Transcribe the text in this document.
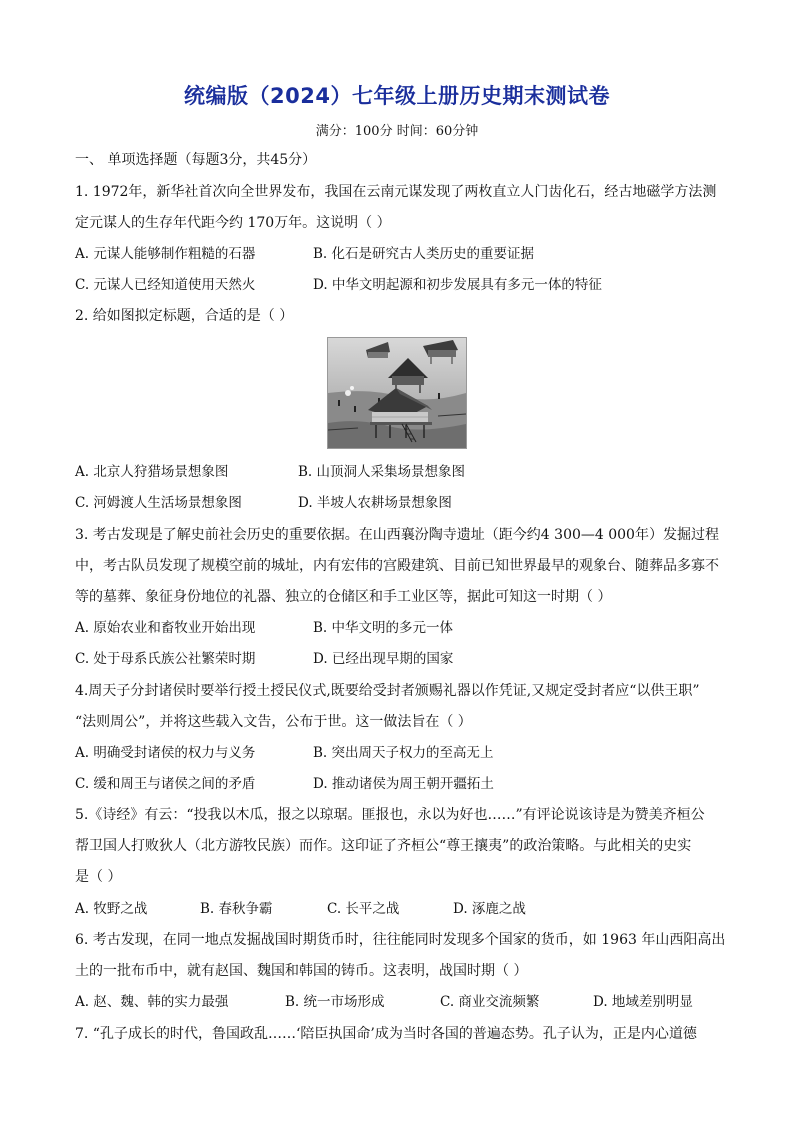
统编版（2024）七年级上册历史期末测试卷
满分：100分 时间：60分钟
一、 单项选择题（每题3分，共45分）
1. 1972年，新华社首次向全世界发布，我国在云南元谋发现了两枚直立人门齿化石，经古地磁学方法测
定元谋人的生存年代距今约 170万年。这说明（ ）
A. 元谋人能够制作粗糙的石器	B. 化石是研究古人类历史的重要证据
C. 元谋人已经知道使用天然火	D. 中华文明起源和初步发展具有多元一体的特征
2. 给如图拟定标题，合适的是（ ）
A. 北京人狩猎场景想象图	B. 山顶洞人采集场景想象图
C. 河姆渡人生活场景想象图	D. 半坡人农耕场景想象图
3. 考古发现是了解史前社会历史的重要依据。在山西襄汾陶寺遗址（距今约4 300—4 000年）发掘过程
中，考古队员发现了规模空前的城址，内有宏伟的宫殿建筑、目前已知世界最早的观象台、随葬品多寡不
等的墓葬、象征身份地位的礼器、独立的仓储区和手工业区等，据此可知这一时期（ ）
A. 原始农业和畜牧业开始出现	B. 中华文明的多元一体
C. 处于母系氏族公社繁荣时期	D. 已经出现早期的国家
4.周天子分封诸侯时要举行授土授民仪式,既要给受封者颁赐礼器以作凭证,又规定受封者应“以供王职”
“法则周公”，并将这些载入文告，公布于世。这一做法旨在（ ）
A. 明确受封诸侯的权力与义务	B. 突出周天子权力的至高无上
C. 缓和周王与诸侯之间的矛盾	D. 推动诸侯为周王朝开疆拓土
5.《诗经》有云：“投我以木瓜，报之以琼琚。匪报也，永以为好也……”有评论说该诗是为赞美齐桓公
帮卫国人打败狄人（北方游牧民族）而作。这印证了齐桓公“尊王攘夷”的政治策略。与此相关的史实
是（ ）
A. 牧野之战	B. 春秋争霸	C. 长平之战	D. 涿鹿之战
6. 考古发现，在同一地点发掘战国时期货币时，往往能同时发现多个国家的货币，如 1963 年山西阳高出
土的一批布币中，就有赵国、魏国和韩国的铸币。这表明，战国时期（ ）
A. 赵、魏、韩的实力最强	B. 统一市场形成	C. 商业交流频繁	D. 地域差别明显
7. “孔子成长的时代，鲁国政乱……‘陪臣执国命’成为当时各国的普遍态势。孔子认为，正是内心道德
